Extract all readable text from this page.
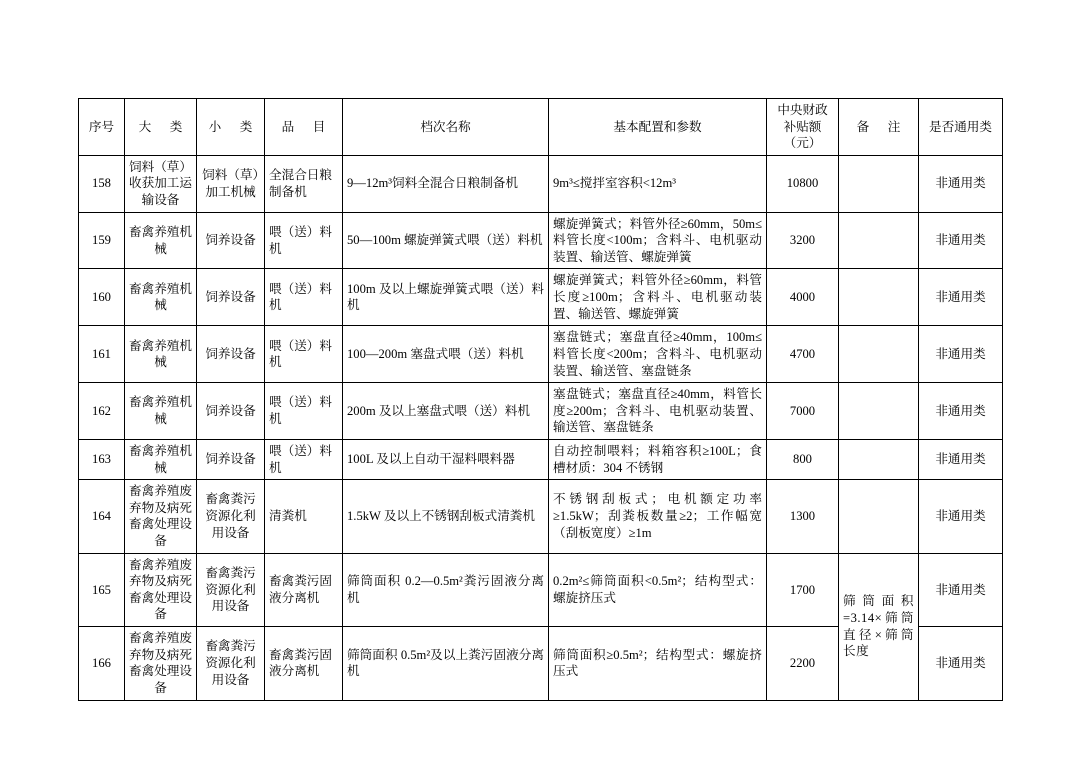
序号	大　类	小　类	品　目	档次名称	基本配置和参数	中央财政
补贴额
（元）	备　注	是否通用类
158	饲料（草）收获加工运输设备	饲料（草）加工机械	全混合日粮制备机	9—12m³饲料全混合日粮制备机	9m³≤搅拌室容积<12m³	10800		非通用类
159	畜禽养殖机械	饲养设备	喂（送）料机	50—100m 螺旋弹簧式喂（送）料机	螺旋弹簧式；料管外径≥60mm，50m≤料管长度<100m；含料斗、电机驱动装置、输送管、螺旋弹簧	3200		非通用类
160	畜禽养殖机械	饲养设备	喂（送）料机	100m 及以上螺旋弹簧式喂（送）料机	螺旋弹簧式；料管外径≥60mm，料管长度≥100m；含料斗、电机驱动装置、输送管、螺旋弹簧	4000		非通用类
161	畜禽养殖机械	饲养设备	喂（送）料机	100—200m 塞盘式喂（送）料机	塞盘链式；塞盘直径≥40mm，100m≤料管长度<200m；含料斗、电机驱动装置、输送管、塞盘链条	4700		非通用类
162	畜禽养殖机械	饲养设备	喂（送）料机	200m 及以上塞盘式喂（送）料机	塞盘链式；塞盘直径≥40mm，料管长度≥200m；含料斗、电机驱动装置、输送管、塞盘链条	7000		非通用类
163	畜禽养殖机械	饲养设备	喂（送）料机	100L 及以上自动干湿料喂料器	自动控制喂料；料箱容积≥100L；食槽材质：304 不锈钢	800		非通用类
164	畜禽养殖废弃物及病死畜禽处理设备	畜禽粪污资源化利用设备	清粪机	1.5kW 及以上不锈钢刮板式清粪机	不锈钢刮板式；电机额定功率≥1.5kW；刮粪板数量≥2；工作幅宽（刮板宽度）≥1m	1300		非通用类
165	畜禽养殖废弃物及病死畜禽处理设备	畜禽粪污资源化利用设备	畜禽粪污固液分离机	筛筒面积 0.2—0.5m²粪污固液分离机	0.2m²≤筛筒面积<0.5m²；结构型式：螺旋挤压式	1700	筛筒面积=3.14×筛筒直径×筛筒长度	非通用类
166	畜禽养殖废弃物及病死畜禽处理设备	畜禽粪污资源化利用设备	畜禽粪污固液分离机	筛筒面积 0.5m²及以上粪污固液分离机	筛筒面积≥0.5m²；结构型式：螺旋挤压式	2200		非通用类
